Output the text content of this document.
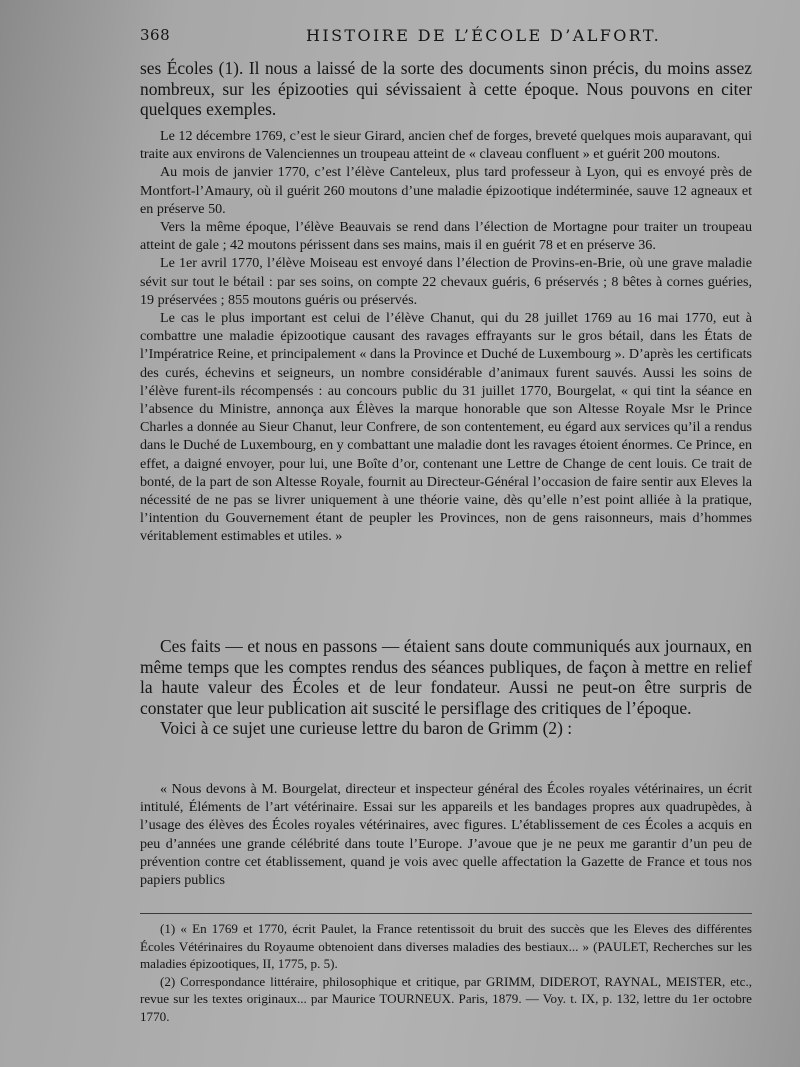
368	HISTOIRE DE L’ÉCOLE D’ALFORT.

ses Écoles (1). Il nous a laissé de la sorte des documents sinon précis, du moins assez nombreux, sur les épizooties qui sévissaient à cette époque. Nous pouvons en citer quelques exemples.

Le 12 décembre 1769, c’est le sieur Girard, ancien chef de forges, breveté quelques mois auparavant, qui traite aux environs de Valenciennes un troupeau atteint de « claveau confluent » et guérit 200 moutons.

Au mois de janvier 1770, c’est l’élève Canteleux, plus tard professeur à Lyon, qui es envoyé près de Montfort-l’Amaury, où il guérit 260 moutons d’une maladie épizootique indéterminée, sauve 12 agneaux et en préserve 50.

Vers la même époque, l’élève Beauvais se rend dans l’élection de Mortagne pour traiter un troupeau atteint de gale ; 42 moutons périssent dans ses mains, mais il en guérit 78 et en préserve 36.

Le 1er avril 1770, l’élève Moiseau est envoyé dans l’élection de Provins-en-Brie, où une grave maladie sévit sur tout le bétail : par ses soins, on compte 22 chevaux guéris, 6 préservés ; 8 bêtes à cornes guéries, 19 préservées ; 855 moutons guéris ou préservés.

Le cas le plus important est celui de l’élève Chanut, qui du 28 juillet 1769 au 16 mai 1770, eut à combattre une maladie épizootique causant des ravages effrayants sur le gros bétail, dans les États de l’Impératrice Reine, et principalement « dans la Province et Duché de Luxembourg ». D’après les certificats des curés, échevins et seigneurs, un nombre considérable d’animaux furent sauvés. Aussi les soins de l’élève furent-ils récompensés : au concours public du 31 juillet 1770, Bourgelat, « qui tint la séance en l’absence du Ministre, annonça aux Élèves la marque honorable que son Altesse Royale Msr le Prince Charles a donnée au Sieur Chanut, leur Confrere, de son contentement, eu égard aux services qu’il a rendus dans le Duché de Luxembourg, en y combattant une maladie dont les ravages étoient énormes. Ce Prince, en effet, a daigné envoyer, pour lui, une Boîte d’or, contenant une Lettre de Change de cent louis. Ce trait de bonté, de la part de son Altesse Royale, fournit au Directeur-Général l’occasion de faire sentir aux Eleves la nécessité de ne pas se livrer uniquement à une théorie vaine, dès qu’elle n’est point alliée à la pratique, l’intention du Gouvernement étant de peupler les Provinces, non de gens raisonneurs, mais d’hommes véritablement estimables et utiles. »

Ces faits — et nous en passons — étaient sans doute communiqués aux journaux, en même temps que les comptes rendus des séances publiques, de façon à mettre en relief la haute valeur des Écoles et de leur fondateur. Aussi ne peut-on être surpris de constater que leur publication ait suscité le persiflage des critiques de l’époque.

Voici à ce sujet une curieuse lettre du baron de Grimm (2) :

« Nous devons à M. Bourgelat, directeur et inspecteur général des Écoles royales vétérinaires, un écrit intitulé, Éléments de l’art vétérinaire. Essai sur les appareils et les bandages propres aux quadrupèdes, à l’usage des élèves des Écoles royales vétérinaires, avec figures. L’établissement de ces Écoles a acquis en peu d’années une grande célébrité dans toute l’Europe. J’avoue que je ne peux me garantir d’un peu de prévention contre cet établissement, quand je vois avec quelle affectation la Gazette de France et tous nos papiers publics

(1) « En 1769 et 1770, écrit Paulet, la France retentissoit du bruit des succès que les Eleves des différentes Écoles Vétérinaires du Royaume obtenoient dans diverses maladies des bestiaux... » (PAULET, Recherches sur les maladies épizootiques, II, 1775, p. 5).

(2) Correspondance littéraire, philosophique et critique, par GRIMM, DIDEROT, RAYNAL, MEISTER, etc., revue sur les textes originaux... par Maurice TOURNEUX. Paris, 1879. — Voy. t. IX, p. 132, lettre du 1er octobre 1770.
